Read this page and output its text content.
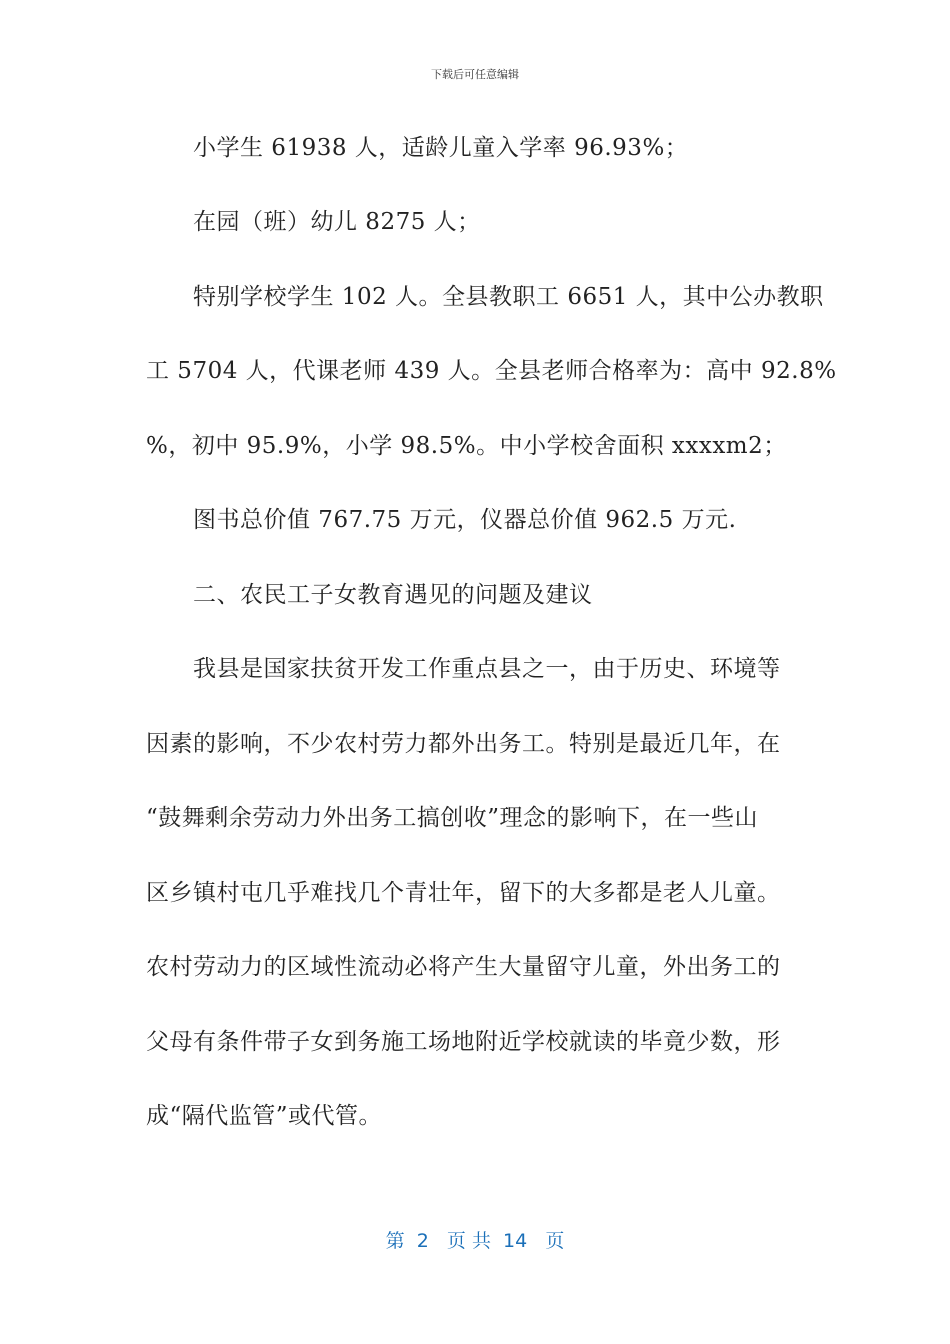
下载后可任意编辑
小学生 61938 人，适龄儿童入学率 96.93%；
在园（班）幼儿 8275 人；
特别学校学生 102 人。全县教职工 6651 人，其中公办教职
工 5704 人，代课老师 439 人。全县老师合格率为：高中 92.8%
%，初中 95.9%，小学 98.5%。中小学校舍面积 xxxxm2；
图书总价值 767.75 万元，仪器总价值 962.5 万元.
二、农民工子女教育遇见的问题及建议
我县是国家扶贫开发工作重点县之一，由于历史、环境等
因素的影响，不少农村劳力都外出务工。特别是最近几年，在
“鼓舞剩余劳动力外出务工搞创收”理念的影响下，在一些山
区乡镇村屯几乎难找几个青壮年，留下的大多都是老人儿童。
农村劳动力的区域性流动必将产生大量留守儿童，外出务工的
父母有条件带子女到务施工场地附近学校就读的毕竟少数，形
成“隔代监管”或代管。
第  2   页 共  14   页
